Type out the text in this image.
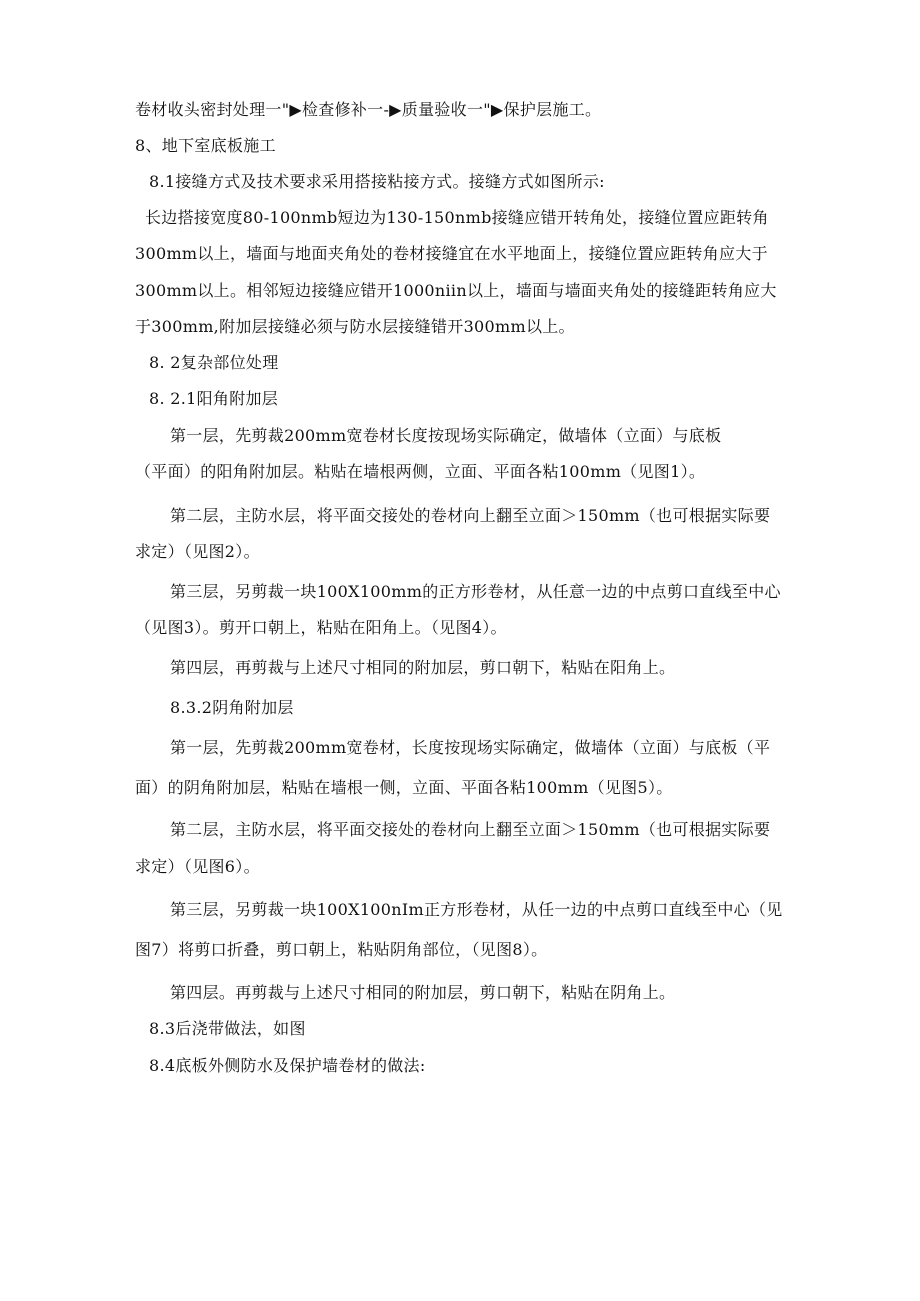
卷材收头密封处理一"▶检查修补一-▶质量验收一"▶保护层施工。
8、地下室底板施工
8.1接缝方式及技术要求采用搭接粘接方式。接缝方式如图所示:
长边搭接宽度80-100nmb短边为130-150nmb接缝应错开转角处，接缝位置应距转角
300mm以上，墙面与地面夹角处的卷材接缝宜在水平地面上，接缝位置应距转角应大于
300mm以上。相邻短边接缝应错开1000niin以上，墙面与墙面夹角处的接缝距转角应大
于300mm,附加层接缝必须与防水层接缝错开300mm以上。
8. 2复杂部位处理
8. 2.1阳角附加层
第一层，先剪裁200mm宽卷材长度按现场实际确定，做墙体（立面）与底板
（平面）的阳角附加层。粘贴在墙根两侧，立面、平面各粘100mm（见图1）。
第二层，主防水层，将平面交接处的卷材向上翻至立面＞150mm（也可根据实际要
求定）（见图2）。
第三层，另剪裁一块100X100mm的正方形卷材，从任意一边的中点剪口直线至中心
（见图3）。剪开口朝上，粘贴在阳角上。（见图4）。
第四层，再剪裁与上述尺寸相同的附加层，剪口朝下，粘贴在阳角上。
8.3.2阴角附加层
第一层，先剪裁200mm宽卷材，长度按现场实际确定，做墙体（立面）与底板（平
面）的阴角附加层，粘贴在墙根一侧，立面、平面各粘100mm（见图5）。
第二层，主防水层，将平面交接处的卷材向上翻至立面＞150mm（也可根据实际要
求定）（见图6）。
第三层，另剪裁一块100X100nIm正方形卷材，从任一边的中点剪口直线至中心（见
图7）将剪口折叠，剪口朝上，粘贴阴角部位，（见图8）。
第四层。再剪裁与上述尺寸相同的附加层，剪口朝下，粘贴在阴角上。
8.3后浇带做法，如图
8.4底板外侧防水及保护墙卷材的做法:
